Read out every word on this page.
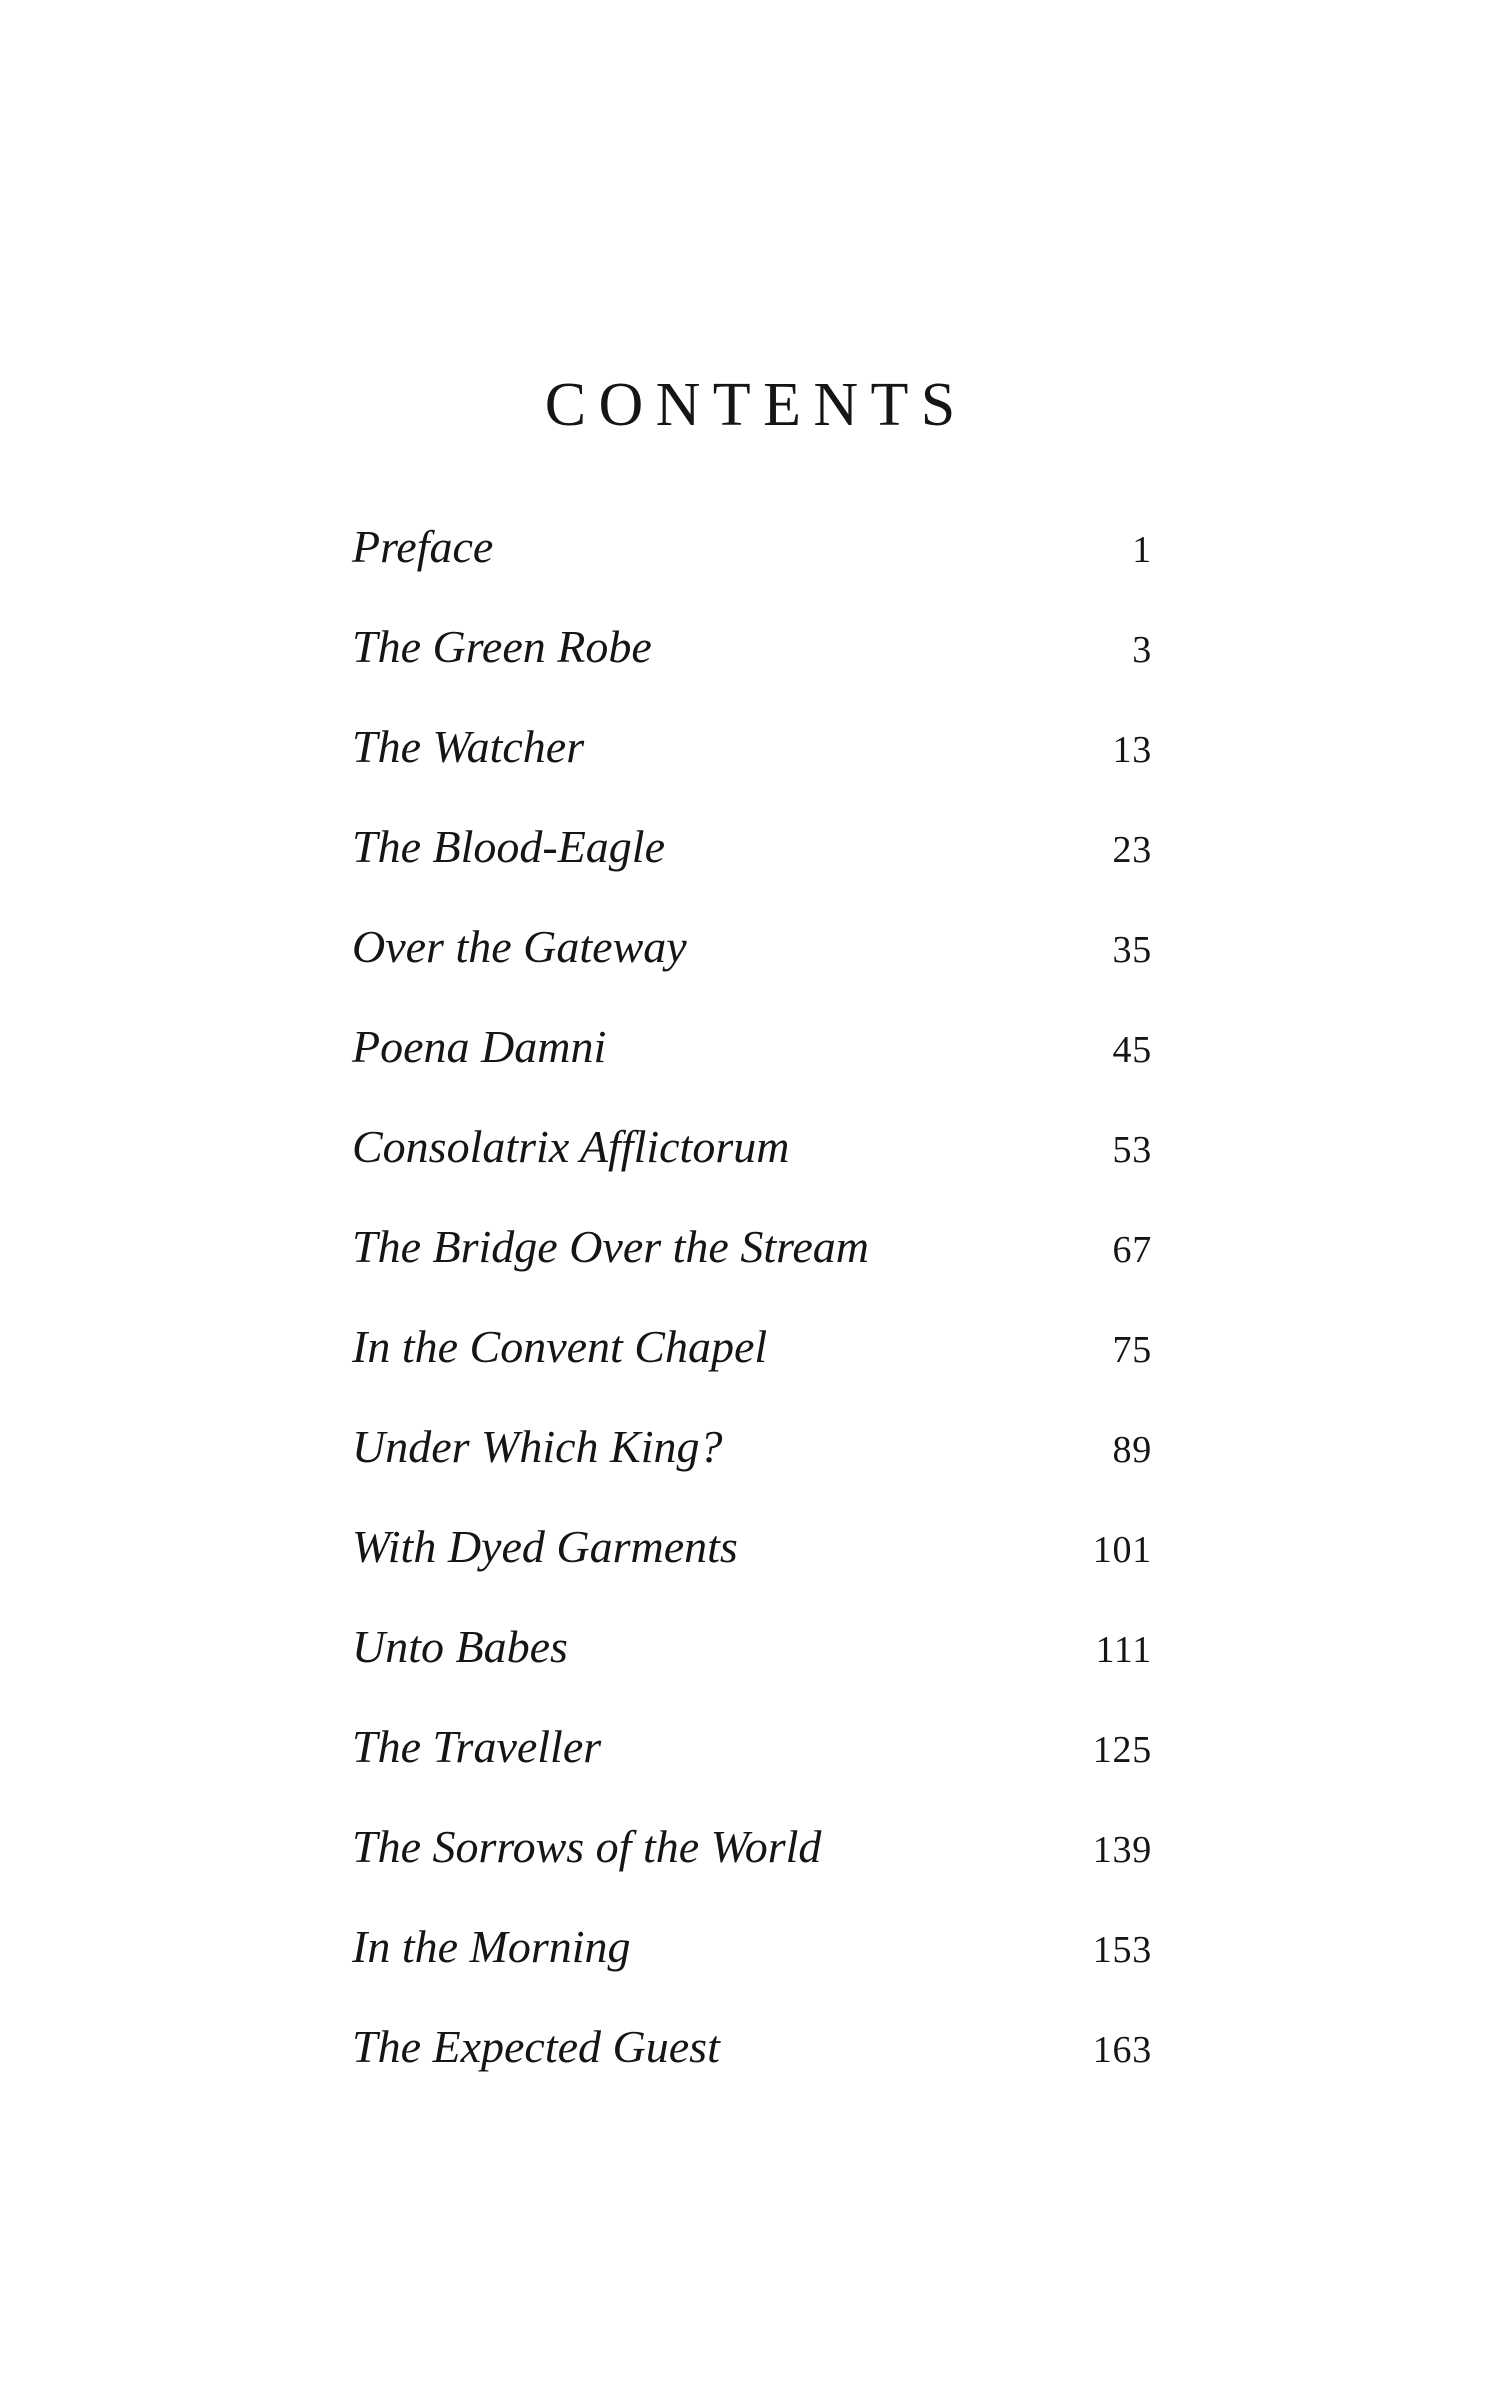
CONTENTS
Preface	1
The Green Robe	3
The Watcher	13
The Blood-Eagle	23
Over the Gateway	35
Poena Damni	45
Consolatrix Afflictorum	53
The Bridge Over the Stream	67
In the Convent Chapel	75
Under Which King?	89
With Dyed Garments	101
Unto Babes	111
The Traveller	125
The Sorrows of the World	139
In the Morning	153
The Expected Guest	163
